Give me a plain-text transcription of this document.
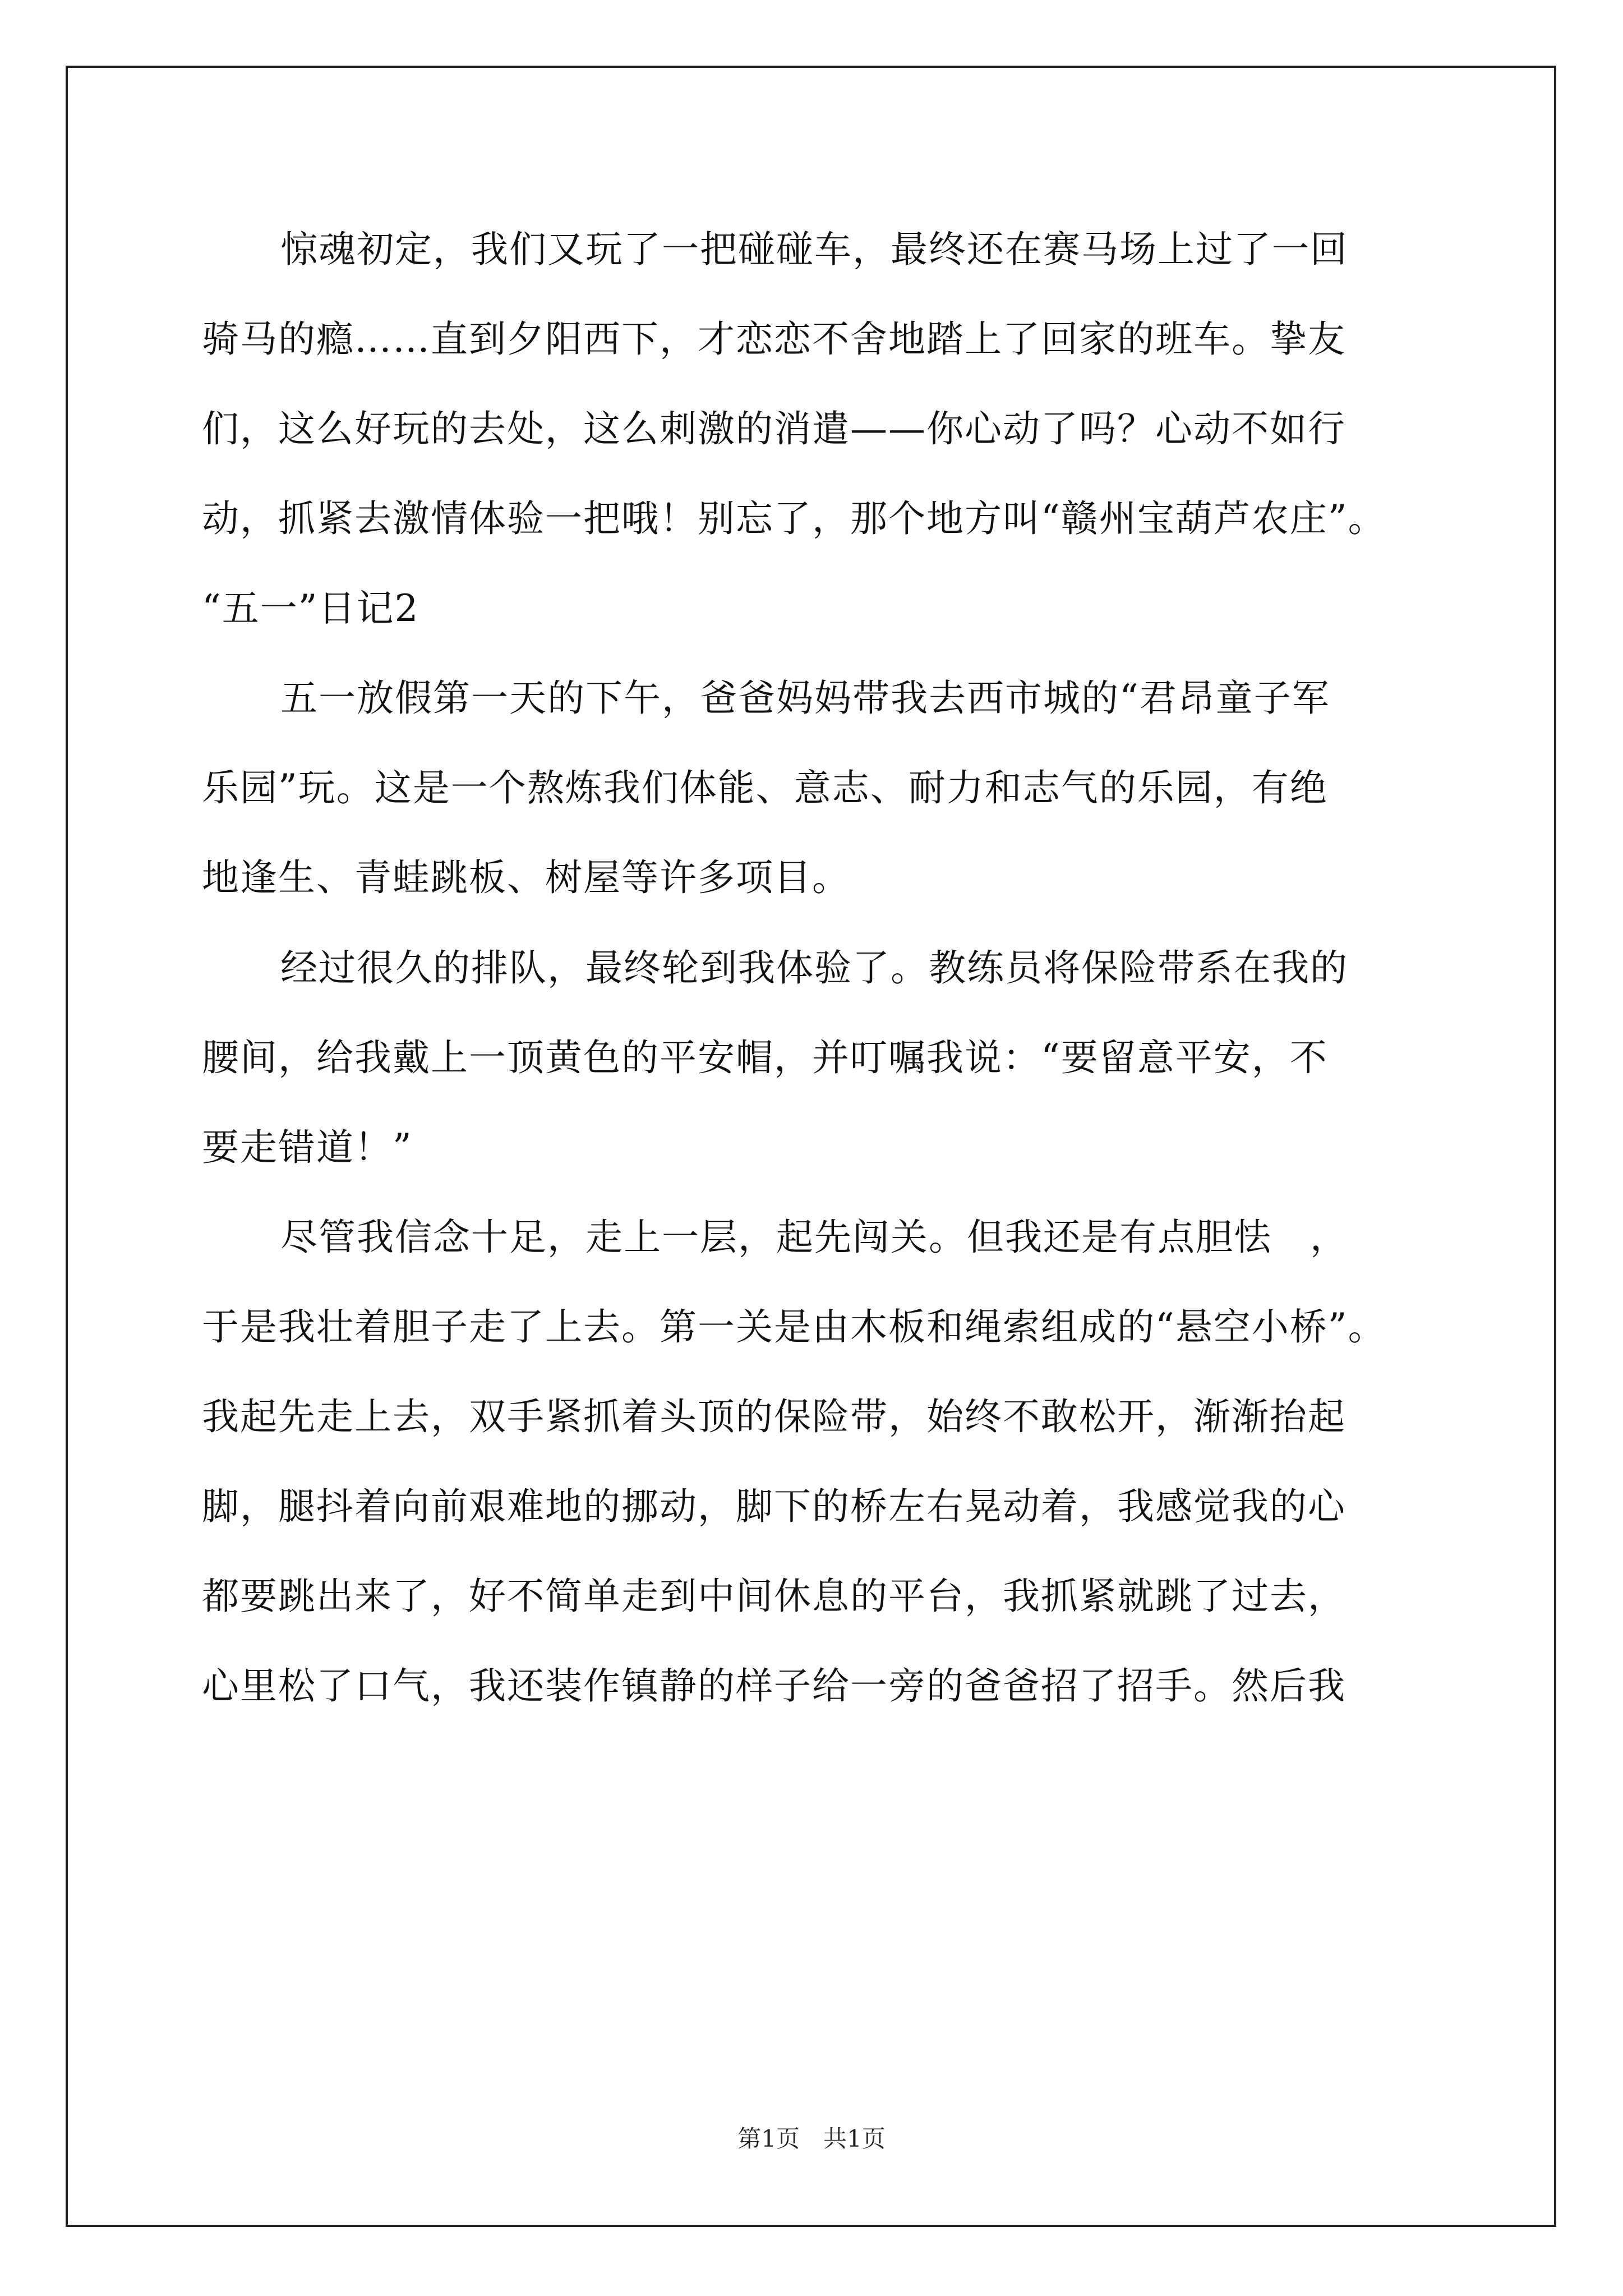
惊魂初定，我们又玩了一把碰碰车，最终还在赛马场上过了一回
骑马的瘾……直到夕阳西下，才恋恋不舍地踏上了回家的班车。挚友
们，这么好玩的去处，这么刺激的消遣——你心动了吗？心动不如行
动，抓紧去激情体验一把哦！别忘了，那个地方叫“赣州宝葫芦农庄”。
“五一”日记2
五一放假第一天的下午，爸爸妈妈带我去西市城的“君昂童子军
乐园”玩。这是一个熬炼我们体能、意志、耐力和志气的乐园，有绝
地逢生、青蛙跳板、树屋等许多项目。
经过很久的排队，最终轮到我体验了。教练员将保险带系在我的
腰间，给我戴上一顶黄色的平安帽，并叮嘱我说：“要留意平安，不
要走错道！”
尽管我信念十足，走上一层，起先闯关。但我还是有点胆怯　，
于是我壮着胆子走了上去。第一关是由木板和绳索组成的“悬空小桥”。
我起先走上去，双手紧抓着头顶的保险带，始终不敢松开，渐渐抬起
脚，腿抖着向前艰难地的挪动，脚下的桥左右晃动着，我感觉我的心
都要跳出来了，好不简单走到中间休息的平台，我抓紧就跳了过去，
心里松了口气，我还装作镇静的样子给一旁的爸爸招了招手。然后我
第1页　共1页
